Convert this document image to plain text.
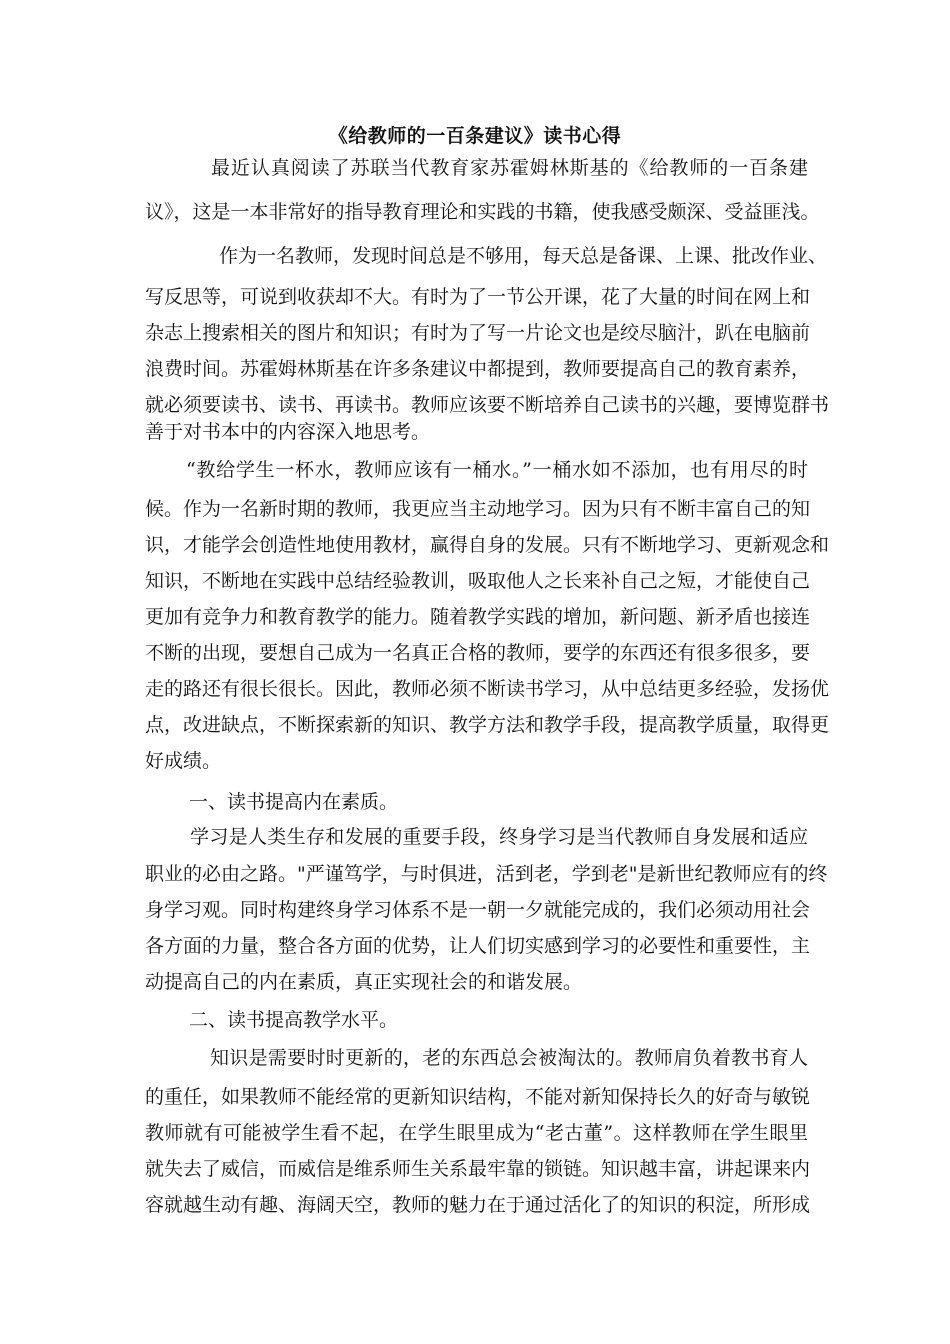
《给教师的一百条建议》读书心得
最近认真阅读了苏联当代教育家苏霍姆林斯基的《给教师的一百条建
议》，这是一本非常好的指导教育理论和实践的书籍，使我感受颇深、受益匪浅。
作为一名教师，发现时间总是不够用，每天总是备课、上课、批改作业、
写反思等，可说到收获却不大。有时为了一节公开课，花了大量的时间在网上和
杂志上搜索相关的图片和知识；有时为了写一片论文也是绞尽脑汁，趴在电脑前
浪费时间。苏霍姆林斯基在许多条建议中都提到，教师要提高自己的教育素养，
就必须要读书、读书、再读书。教师应该要不断培养自己读书的兴趣，要博览群书
善于对书本中的内容深入地思考。
“教给学生一杯水，教师应该有一桶水。”一桶水如不添加，也有用尽的时
候。作为一名新时期的教师，我更应当主动地学习。因为只有不断丰富自己的知
识，才能学会创造性地使用教材，赢得自身的发展。只有不断地学习、更新观念和
知识，不断地在实践中总结经验教训，吸取他人之长来补自己之短，才能使自己
更加有竞争力和教育教学的能力。随着教学实践的增加，新问题、新矛盾也接连
不断的出现，要想自己成为一名真正合格的教师，要学的东西还有很多很多，要
走的路还有很长很长。因此，教师必须不断读书学习，从中总结更多经验，发扬优
点，改进缺点，不断探索新的知识、教学方法和教学手段，提高教学质量，取得更
好成绩。
一、读书提高内在素质。
学习是人类生存和发展的重要手段，终身学习是当代教师自身发展和适应
职业的必由之路。"严谨笃学，与时俱进，活到老，学到老"是新世纪教师应有的终
身学习观。同时构建终身学习体系不是一朝一夕就能完成的，我们必须动用社会
各方面的力量，整合各方面的优势，让人们切实感到学习的必要性和重要性，主
动提高自己的内在素质，真正实现社会的和谐发展。
二、读书提高教学水平。
知识是需要时时更新的，老的东西总会被淘汰的。教师肩负着教书育人
的重任，如果教师不能经常的更新知识结构，不能对新知保持长久的好奇与敏锐
教师就有可能被学生看不起，在学生眼里成为“老古董”。这样教师在学生眼里
就失去了威信，而威信是维系师生关系最牢靠的锁链。知识越丰富，讲起课来内
容就越生动有趣、海阔天空，教师的魅力在于通过活化了的知识的积淀，所形成
